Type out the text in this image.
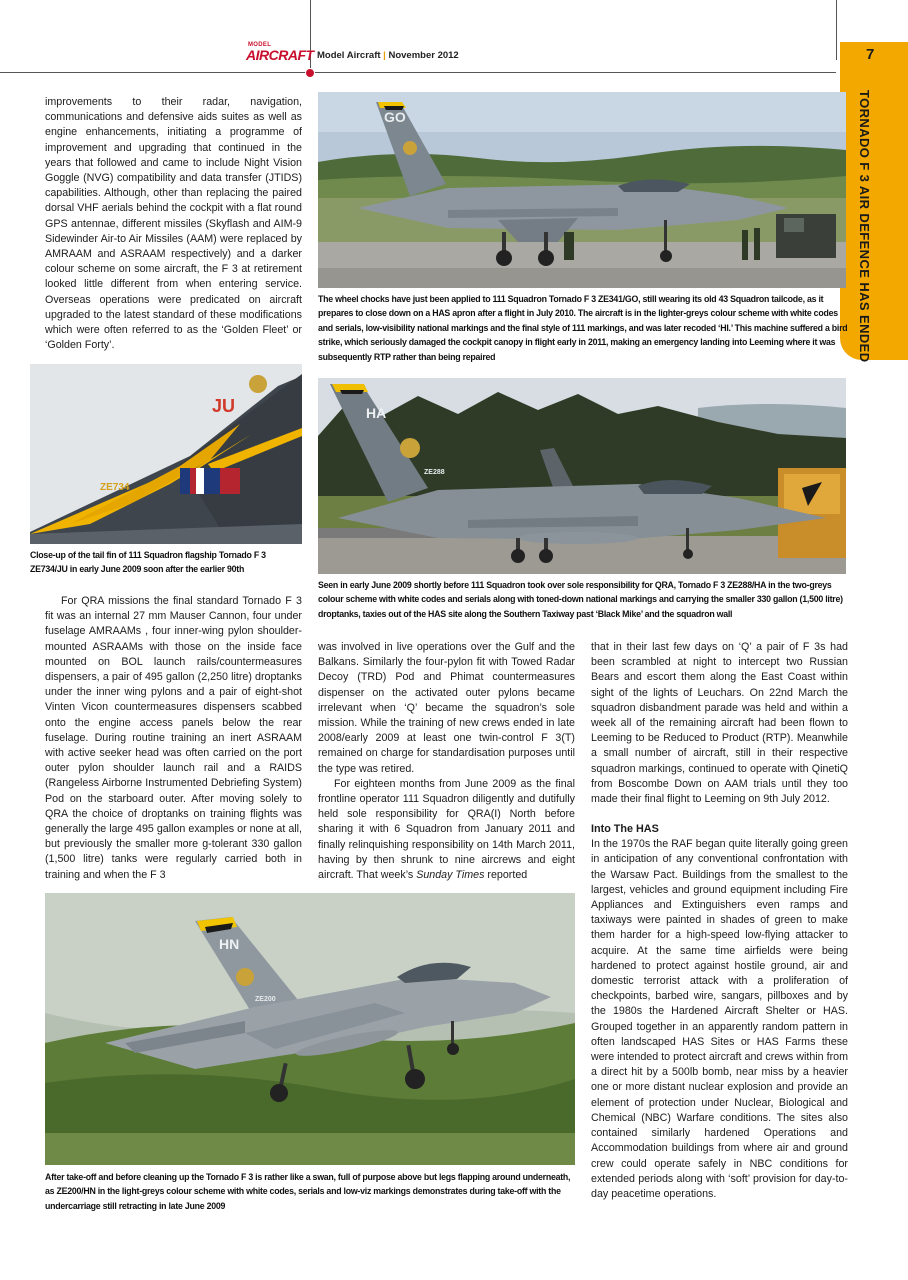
MODEL
AIRCRAFT Model Aircraft | November 2012	7
TORNADO F 3 AIR DEFENCE HAS ENDED
GO
The wheel chocks have just been applied to 111 Squadron Tornado F 3 ZE341/GO, still wearing its old 43 Squadron tailcode, as it prepares to close down on a HAS apron after a flight in July 2010. The aircraft is in the lighter-greys colour scheme with white codes and serials, low-visibility national markings and the final style of 111 markings, and was later recoded ‘HI.’ This machine suffered a bird strike, which seriously damaged the cockpit canopy in flight early in 2011, making an emergency landing into Leeming where it was subsequently RTP rather than being repaired

improvements to their radar, navigation, communications and defensive aids suites as well as engine enhancements, initiating a programme of improvement and upgrading that continued in the years that followed and came to include Night Vision Goggle (NVG) compatibility and data transfer (JTIDS) capabilities. Although, other than replacing the paired dorsal VHF aerials behind the cockpit with a flat round GPS antennae, different missiles (Skyflash and AIM-9 Sidewinder Air-to Air Missiles (AAM) were replaced by AMRAAM and ASRAAM respectively) and a darker colour scheme on some aircraft, the F 3 at retirement looked little different from when entering service. Overseas operations were predicated on aircraft upgraded to the latest standard of these modifications which were often referred to as the ‘Golden Fleet’ or ‘Golden Forty’.

JU
ZE734
Close-up of the tail fin of 111 Squadron flagship Tornado F 3 ZE734/JU in early June 2009 soon after the earlier 90th
HA
ZE288
Seen in early June 2009 shortly before 111 Squadron took over sole responsibility for QRA, Tornado F 3 ZE288/HA in the two-greys colour scheme with white codes and serials along with toned-down national markings and carrying the smaller 330 gallon (1,500 litre) droptanks, taxies out of the HAS site along the Southern Taxiway past ‘Black Mike’ and the squadron wall

For QRA missions the final standard Tornado F 3 fit was an internal 27 mm Mauser Cannon, four under fuselage AMRAAMs , four inner-wing pylon shoulder-mounted ASRAAMs with those on the inside face mounted on BOL launch rails/countermeasures dispensers, a pair of 495 gallon (2,250 litre) droptanks under the inner wing pylons and a pair of eight-shot Vinten Vicon countermeasures dispensers scabbed onto the engine access panels below the rear fuselage. During routine training an inert ASRAAM with active seeker head was often carried on the port outer pylon shoulder launch rail and a RAIDS (Rangeless Airborne Instrumented Debriefing System) Pod on the starboard outer. After moving solely to QRA the choice of droptanks on training flights was generally the large 495 gallon examples or none at all, but previously the smaller more g-tolerant 330 gallon (1,500 litre) tanks were regularly carried both in training and when the F 3

was involved in live operations over the Gulf and the Balkans. Similarly the four-pylon fit with Towed Radar Decoy (TRD) Pod and Phimat countermeasures dispenser on the activated outer pylons became irrelevant when ‘Q’ became the squadron’s sole mission. While the training of new crews ended in late 2008/early 2009 at least one twin-control F 3(T) remained on charge for standardisation purposes until the type was retired.

For eighteen months from June 2009 as the final frontline operator 111 Squadron diligently and dutifully held sole responsibility for QRA(I) North before sharing it with 6 Squadron from January 2011 and finally relinquishing responsibility on 14th March 2011, having by then shrunk to nine aircrews and eight aircraft. That week’s Sunday Times reported

that in their last few days on ‘Q’ a pair of F 3s had been scrambled at night to intercept two Russian Bears and escort them along the East Coast within sight of the lights of Leuchars. On 22nd March the squadron disbandment parade was held and within a week all of the remaining aircraft had been flown to Leeming to be Reduced to Product (RTP). Meanwhile a small number of aircraft, still in their respective squadron markings, continued to operate with QinetiQ from Boscombe Down on AAM trials until they too made their final flight to Leeming on 9th July 2012.

Into The HAS

In the 1970s the RAF began quite literally going green in anticipation of any conventional confrontation with the Warsaw Pact. Buildings from the smallest to the largest, vehicles and ground equipment including Fire Appliances and Extinguishers even ramps and taxiways were painted in shades of green to make them harder for a high-speed low-flying attacker to acquire. At the same time airfields were being hardened to protect against hostile ground, air and domestic terrorist attack with a proliferation of checkpoints, barbed wire, sangars, pillboxes and by the 1980s the Hardened Aircraft Shelter or HAS. Grouped together in an apparently random pattern in often landscaped HAS Sites or HAS Farms these were intended to protect aircraft and crews within from a direct hit by a 500lb bomb, near miss by a heavier one or more distant nuclear explosion and provide an element of protection under Nuclear, Biological and Chemical (NBC) Warfare conditions. The sites also contained similarly hardened Operations and Accommodation buildings from where air and ground crew could operate safely in NBC conditions for extended periods along with ‘soft’ provision for day-to-day peacetime operations.

HN
ZE200
After take-off and before cleaning up the Tornado F 3 is rather like a swan, full of purpose above but legs flapping around underneath, as ZE200/HN in the light-greys colour scheme with white codes, serials and low-viz markings demonstrates during take-off with the undercarriage still retracting in late June 2009
